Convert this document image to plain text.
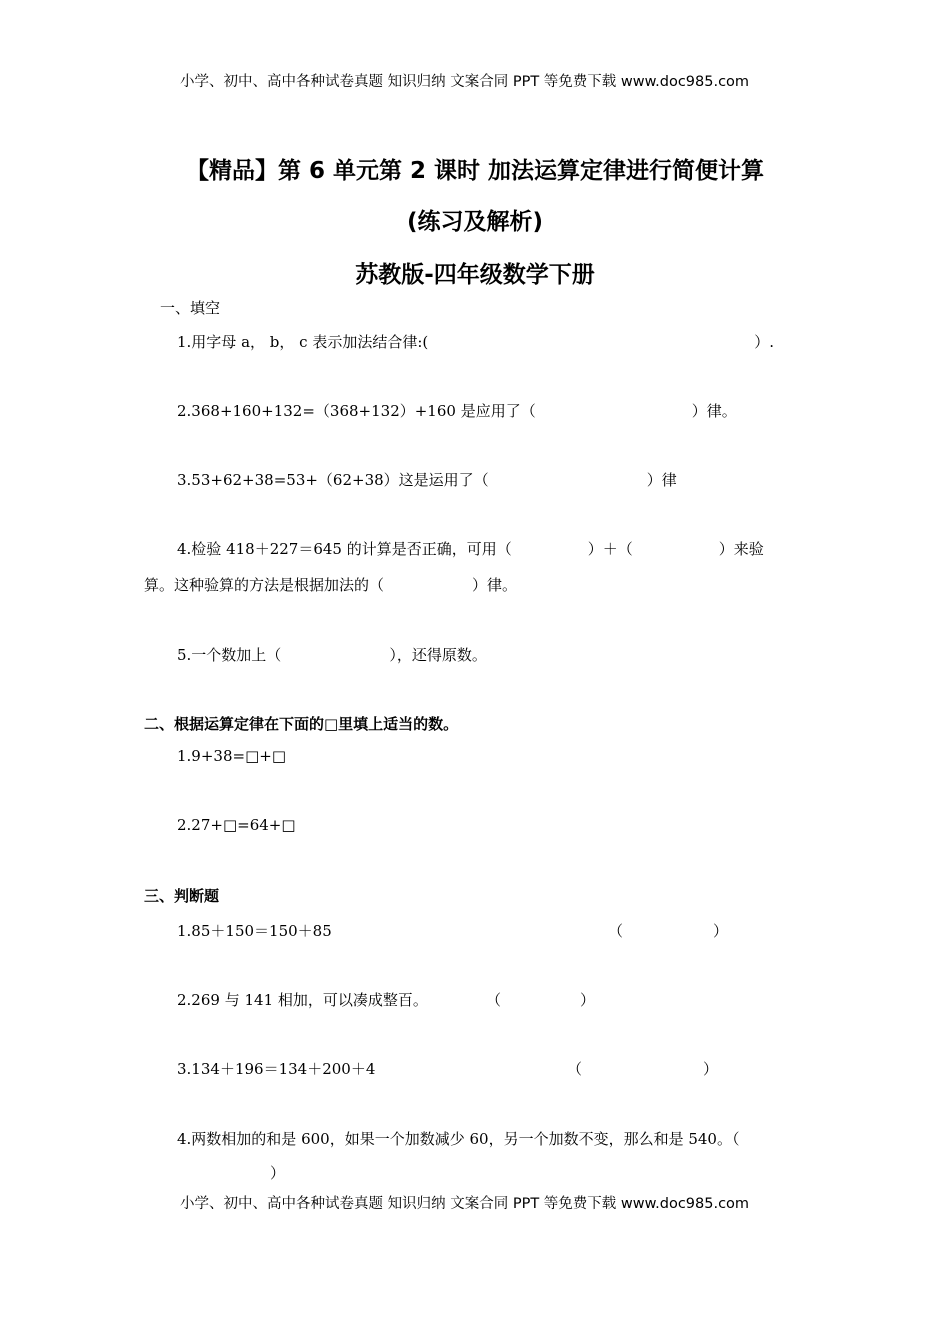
小学、初中、高中各种试卷真题 知识归纳 文案合同 PPT 等免费下载 www.doc985.com
【精品】第 6 单元第 2 课时 加法运算定律进行简便计算
(练习及解析)
苏教版-四年级数学下册
一、填空
1.用字母 a， b， c 表示加法结合律:(	）.
2.368+160+132=（368+132）+160 是应用了（	）律。
3.53+62+38=53+（62+38）这是运用了（	）律
4.检验 418＋227＝645 的计算是否正确，可用（	）＋（	）来验
算。这种验算的方法是根据加法的（	）律。
5.一个数加上（	），还得原数。
二、根据运算定律在下面的□里填上适当的数。
1.9+38=□+□
2.27+□=64+□
三、判断题
1.85＋150＝150＋85	（	）
2.269 与 141 相加，可以凑成整百。	（	）
3.134＋196＝134＋200＋4	（	）
4.两数相加的和是 600，如果一个加数减少 60，另一个加数不变，那么和是 540。（
）
小学、初中、高中各种试卷真题 知识归纳 文案合同 PPT 等免费下载 www.doc985.com
